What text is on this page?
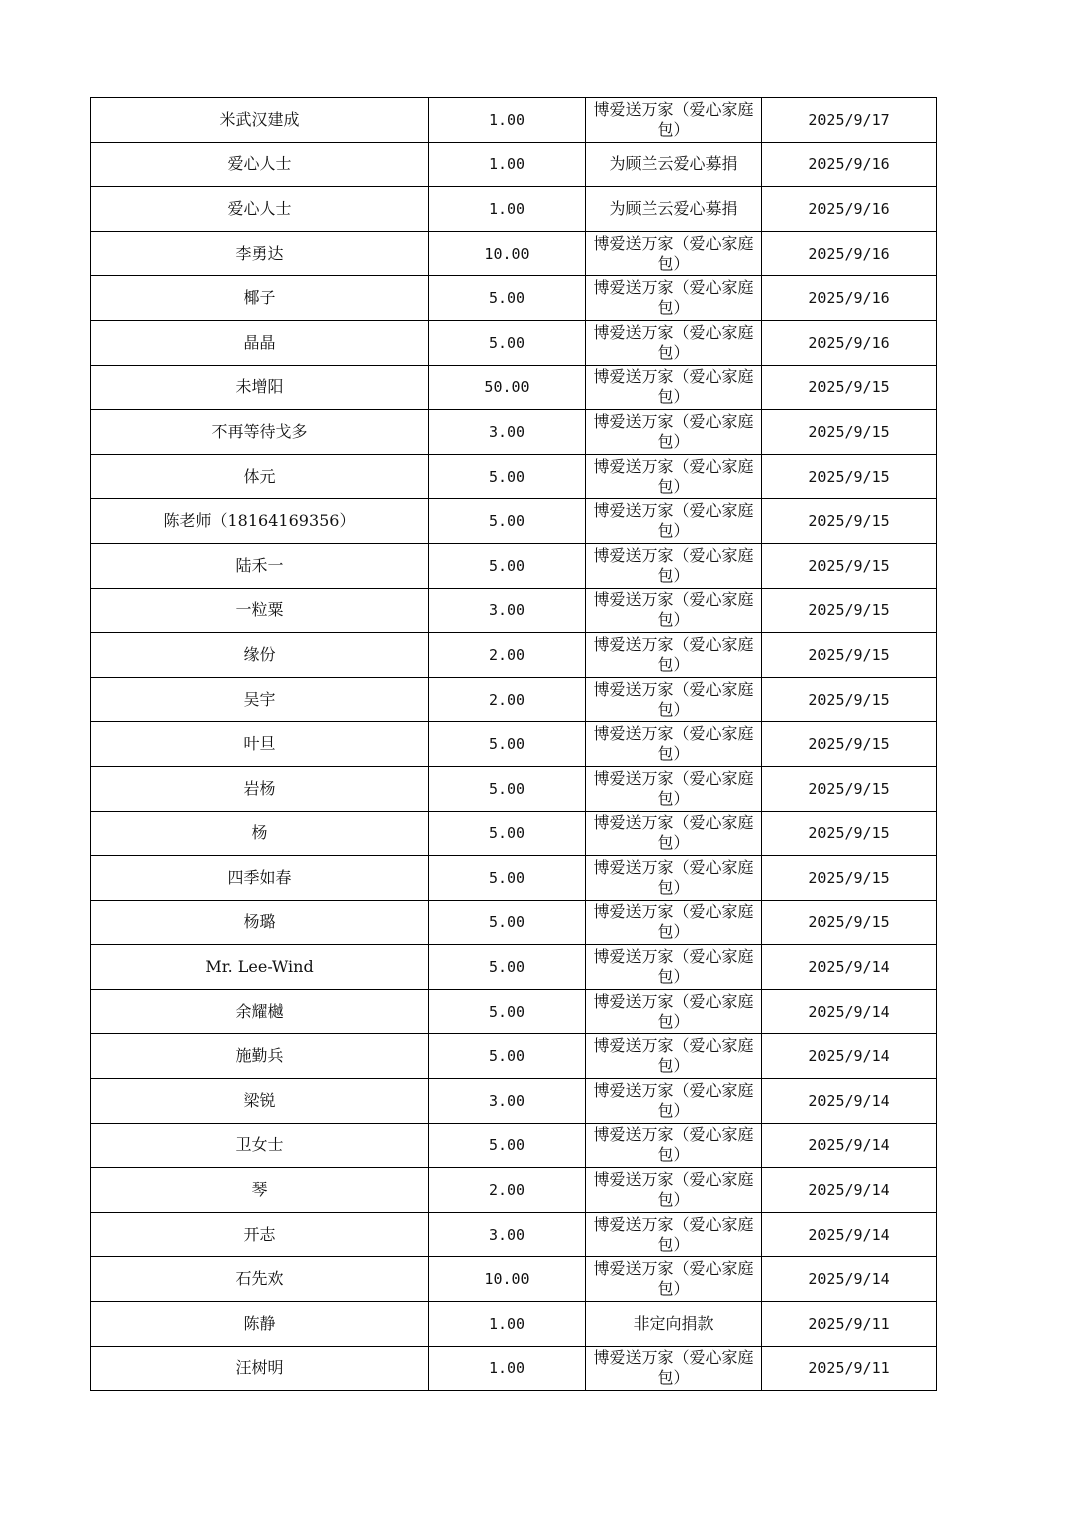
米武汉建成	1.00	博爱送万家（爱心家庭包）	2025/9/17
爱心人士	1.00	为顾兰云爱心募捐	2025/9/16
爱心人士	1.00	为顾兰云爱心募捐	2025/9/16
李勇达	10.00	博爱送万家（爱心家庭包）	2025/9/16
椰子	5.00	博爱送万家（爱心家庭包）	2025/9/16
晶晶	5.00	博爱送万家（爱心家庭包）	2025/9/16
未增阳	50.00	博爱送万家（爱心家庭包）	2025/9/15
不再等待戈多	3.00	博爱送万家（爱心家庭包）	2025/9/15
体元	5.00	博爱送万家（爱心家庭包）	2025/9/15
陈老师（18164169356）	5.00	博爱送万家（爱心家庭包）	2025/9/15
陆禾一	5.00	博爱送万家（爱心家庭包）	2025/9/15
一粒粟	3.00	博爱送万家（爱心家庭包）	2025/9/15
缘份	2.00	博爱送万家（爱心家庭包）	2025/9/15
吴宇	2.00	博爱送万家（爱心家庭包）	2025/9/15
叶旦	5.00	博爱送万家（爱心家庭包）	2025/9/15
岩杨	5.00	博爱送万家（爱心家庭包）	2025/9/15
杨	5.00	博爱送万家（爱心家庭包）	2025/9/15
四季如春	5.00	博爱送万家（爱心家庭包）	2025/9/15
杨璐	5.00	博爱送万家（爱心家庭包）	2025/9/15
Mr. Lee-Wind	5.00	博爱送万家（爱心家庭包）	2025/9/14
余耀樾	5.00	博爱送万家（爱心家庭包）	2025/9/14
施勤兵	5.00	博爱送万家（爱心家庭包）	2025/9/14
梁锐	3.00	博爱送万家（爱心家庭包）	2025/9/14
卫女士	5.00	博爱送万家（爱心家庭包）	2025/9/14
琴	2.00	博爱送万家（爱心家庭包）	2025/9/14
开志	3.00	博爱送万家（爱心家庭包）	2025/9/14
石先欢	10.00	博爱送万家（爱心家庭包）	2025/9/14
陈静	1.00	非定向捐款	2025/9/11
汪树明	1.00	博爱送万家（爱心家庭包）	2025/9/11
